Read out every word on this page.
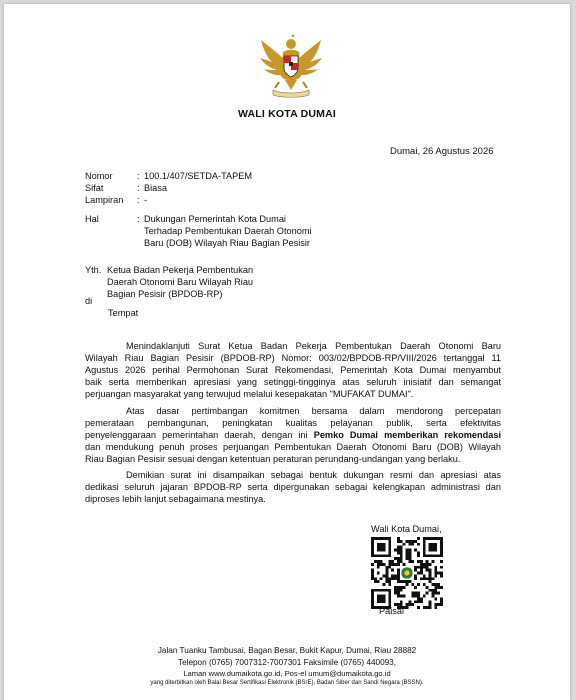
WALI KOTA DUMAI
Dumai, 26 Agustus 2026
Nomor	: 100.1/407/SETDA-TAPEM
Sifat	: Biasa
Lampiran	: -
Hal	: Dukungan Pemerintah Kota Dumai
Terhadap Pembentukan Daerah Otonomi
Baru (DOB) Wilayah Riau Bagian Pesisir
Yth. Ketua Badan Pekerja Pembentukan
Daerah Otonomi Baru Wilayah Riau
Bagian Pesisir (BPDOB-RP)
di
Tempat
Menindaklanjuti Surat Ketua Badan Pekerja Pembentukan Daerah Otonomi Baru
Wilayah Riau Bagian Pesisir (BPDOB-RP) Nomor: 003/02/BPDOB-RP/VIII/2026 tertanggal 11
Agustus 2026 perihal Permohonan Surat Rekomendasi, Pemerintah Kota Dumai menyambut
baik serta memberikan apresiasi yang setinggi-tingginya atas seluruh inisiatif dan semangat
perjuangan masyarakat yang terwujud melalui kesepakatan "MUFAKAT DUMAI".
Atas dasar pertimbangan komitmen bersama dalam mendorong percepatan
pemerataan pembangunan, peningkatan kualitas pelayanan publik, serta efektivitas
penyelenggaraan pemerintahan daerah, dengan ini Pemko Dumai memberikan rekomendasi
dan mendukung penuh proses perjuangan Pembentukan Daerah Otonomi Baru (DOB) Wilayah
Riau Bagian Pesisir sesuai dengan ketentuan peraturan perundang-undangan yang berlaku.
Demikian surat ini disampaikan sebagai bentuk dukungan resmi dan apresiasi atas
dedikasi seluruh jajaran BPDOB-RP serta dipergunakan sebagai kelengkapan administrasi dan
diproses lebih lanjut sebagaimana mestinya.
Wali Kota Dumai,
Paisal
Jalan Tuanku Tambusai, Bagan Besar, Bukit Kapur, Dumai, Riau 28882
Telepon (0765) 7007312-7007301 Faksimile (0765) 440093,
Laman www.dumaikota.go.id, Pos-el umum@dumaikota.go.id
yang diterbitkan oleh Balai Besar Sertifikasi Elektronik (BSrE), Badan Siber dan Sandi Negara (BSSN).
